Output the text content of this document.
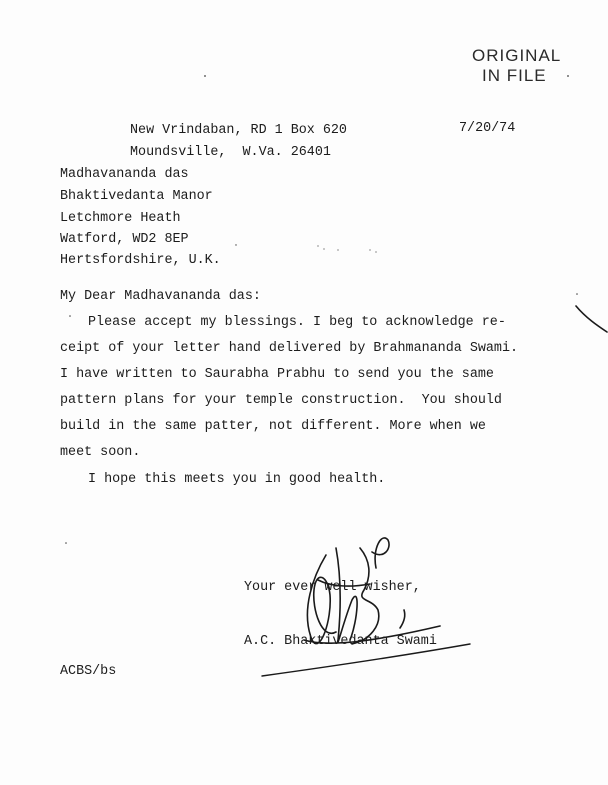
ORIGINAL
IN FILE
New Vrindaban, RD 1 Box 620
Moundsville,  W.Va. 26401
7/20/74
Madhavananda das
Bhaktivedanta Manor
Letchmore Heath
Watford, WD2 8EP
Hertsfordshire, U.K.
My Dear Madhavananda das:
Please accept my blessings. I beg to acknowledge re-
ceipt of your letter hand delivered by Brahmananda Swami.
I have written to Saurabha Prabhu to send you the same
pattern plans for your temple construction.  You should
build in the same patter, not different. More when we
meet soon.
I hope this meets you in good health.
Your ever well wisher,
A.C. Bhaktivedanta Swami
ACBS/bs
